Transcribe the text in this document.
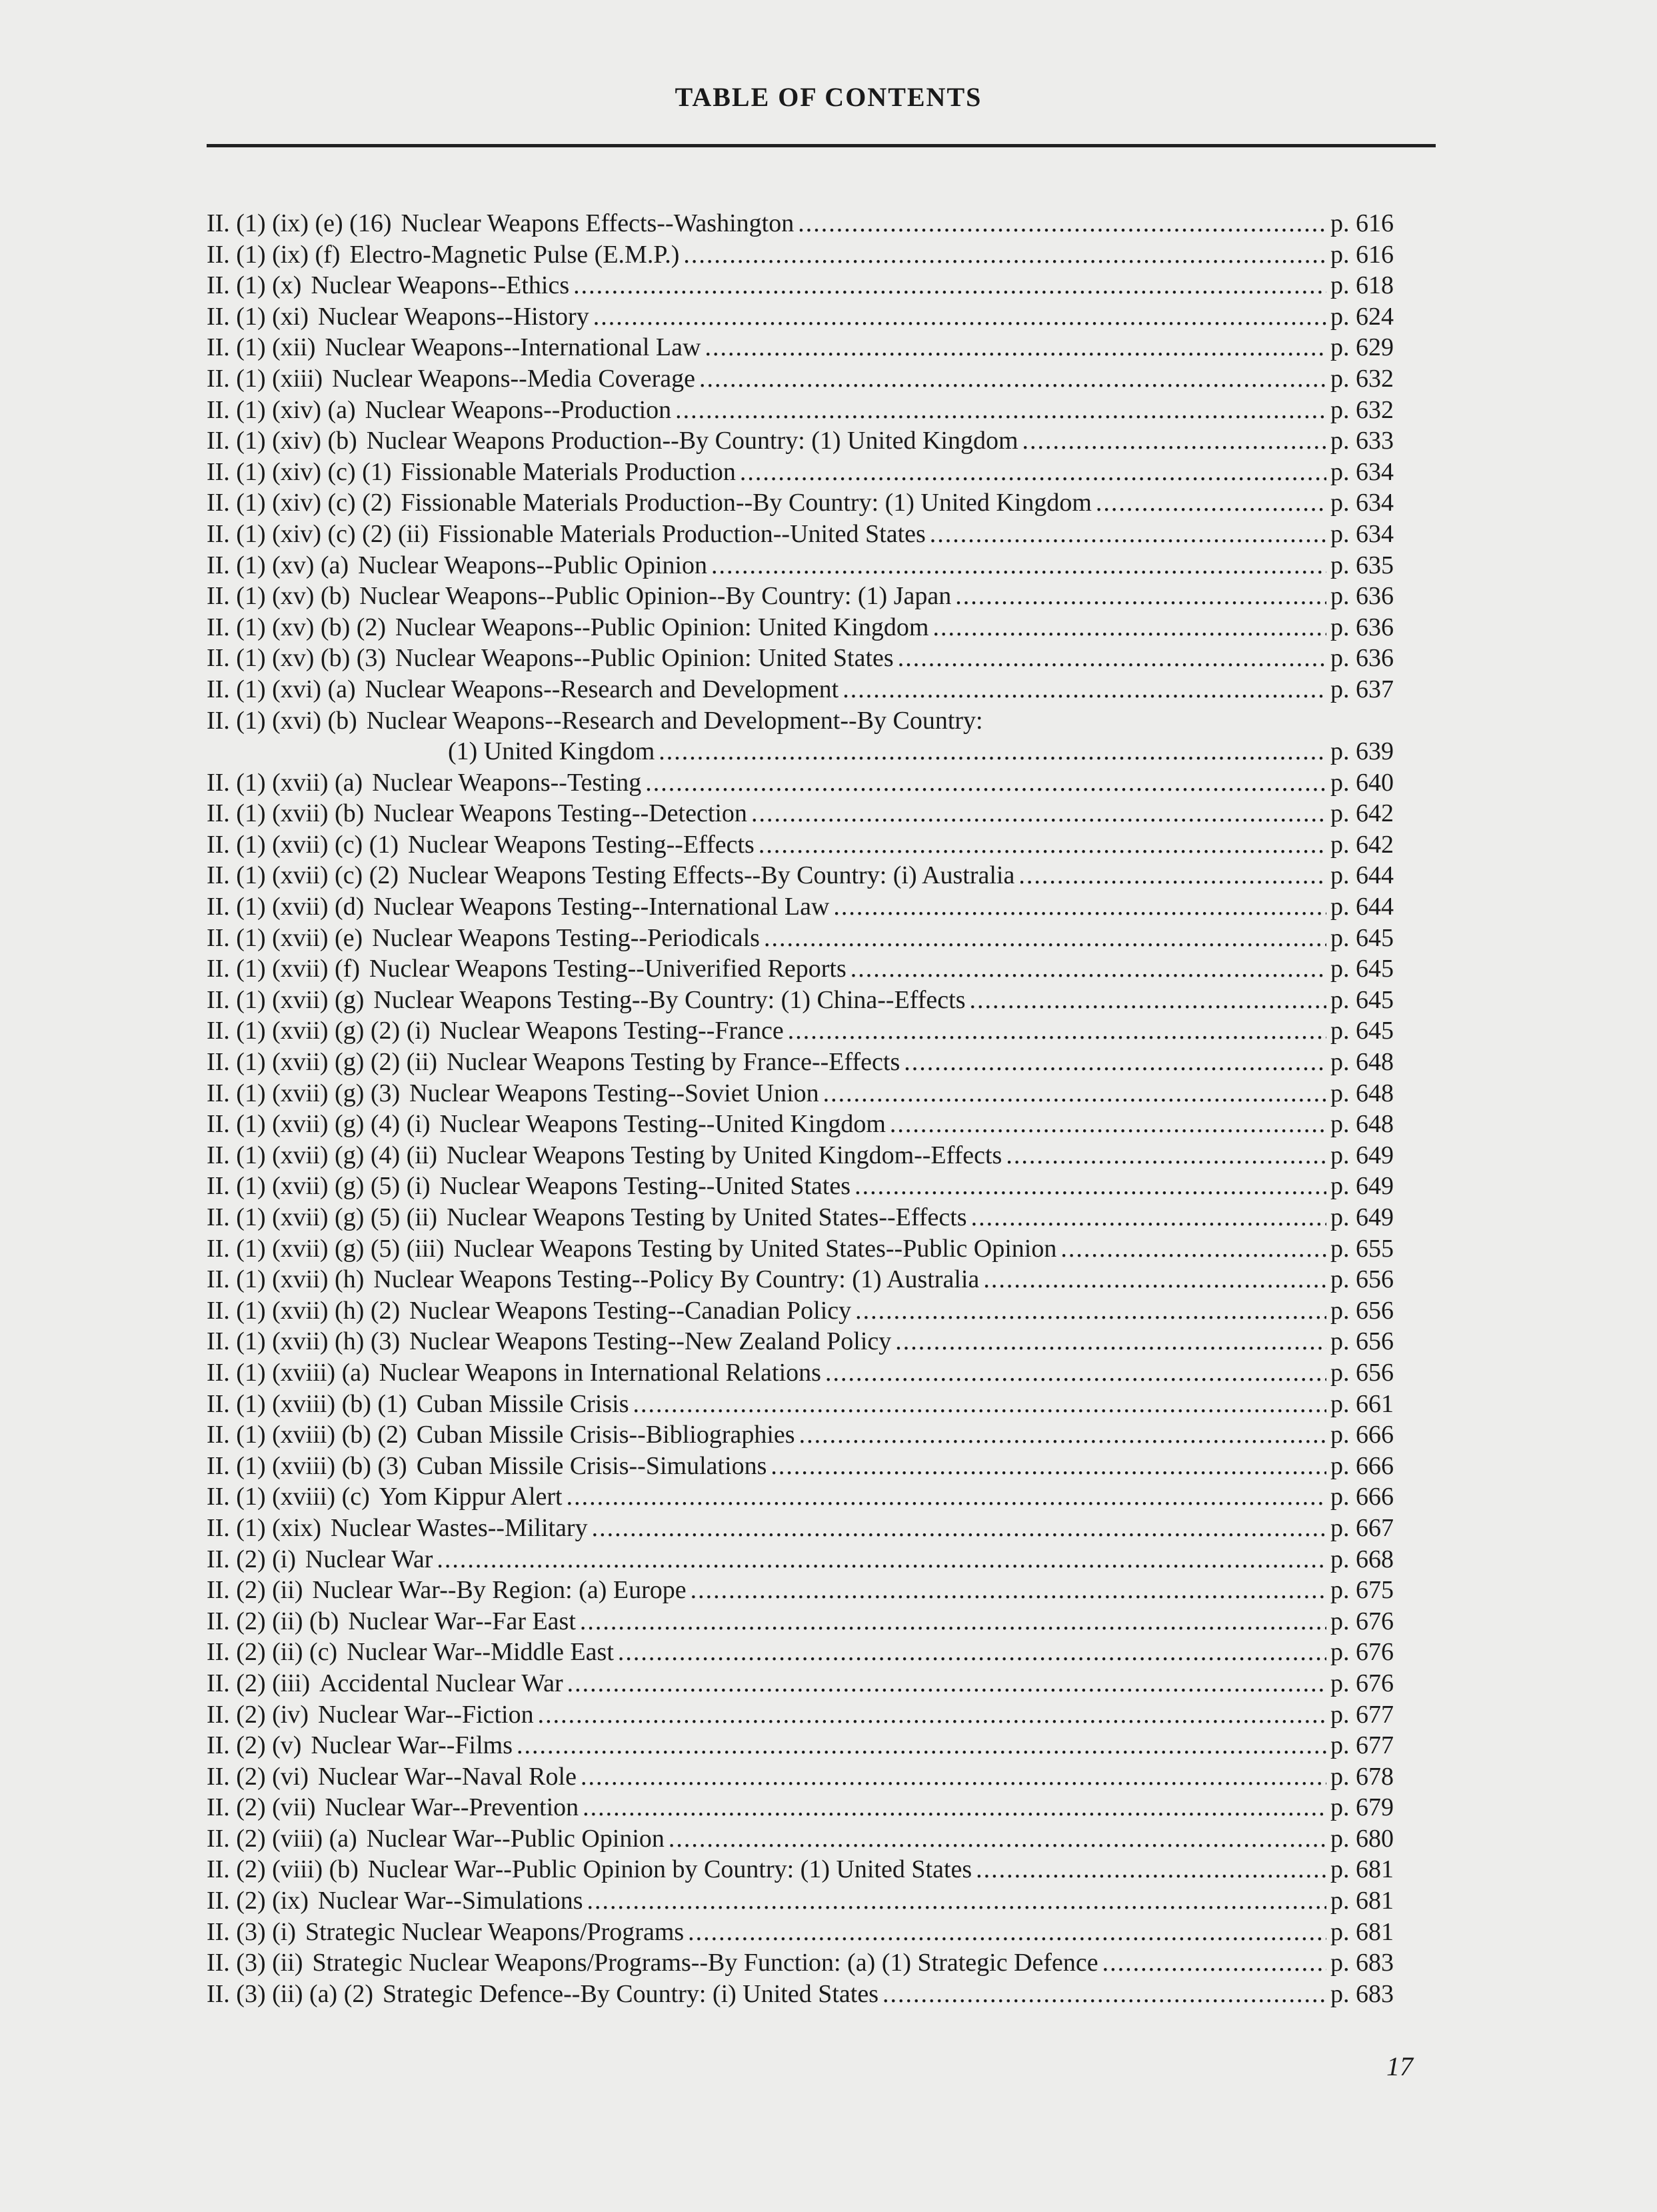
TABLE OF CONTENTS
II. (1) (ix) (e) (16) Nuclear Weapons Effects--Washington .....	p. 616
II. (1) (ix) (f) Electro-Magnetic Pulse (E.M.P.) .....	p. 616
II. (1) (x) Nuclear Weapons--Ethics .....	p. 618
II. (1) (xi) Nuclear Weapons--History .....	p. 624
II. (1) (xii) Nuclear Weapons--International Law .....	p. 629
II. (1) (xiii) Nuclear Weapons--Media Coverage .....	p. 632
II. (1) (xiv) (a) Nuclear Weapons--Production .....	p. 632
II. (1) (xiv) (b) Nuclear Weapons Production--By Country: (1) United Kingdom .....	p. 633
II. (1) (xiv) (c) (1) Fissionable Materials Production .....	p. 634
II. (1) (xiv) (c) (2) Fissionable Materials Production--By Country: (1) United Kingdom .....	p. 634
II. (1) (xiv) (c) (2) (ii) Fissionable Materials Production--United States .....	p. 634
II. (1) (xv) (a) Nuclear Weapons--Public Opinion .....	p. 635
II. (1) (xv) (b) Nuclear Weapons--Public Opinion--By Country: (1) Japan .....	p. 636
II. (1) (xv) (b) (2) Nuclear Weapons--Public Opinion: United Kingdom .....	p. 636
II. (1) (xv) (b) (3) Nuclear Weapons--Public Opinion: United States .....	p. 636
II. (1) (xvi) (a) Nuclear Weapons--Research and Development .....	p. 637
II. (1) (xvi) (b) Nuclear Weapons--Research and Development--By Country:
(1) United Kingdom .....	p. 639
II. (1) (xvii) (a) Nuclear Weapons--Testing .....	p. 640
II. (1) (xvii) (b) Nuclear Weapons Testing--Detection .....	p. 642
II. (1) (xvii) (c) (1) Nuclear Weapons Testing--Effects .....	p. 642
II. (1) (xvii) (c) (2) Nuclear Weapons Testing Effects--By Country: (i) Australia .....	p. 644
II. (1) (xvii) (d) Nuclear Weapons Testing--International Law .....	p. 644
II. (1) (xvii) (e) Nuclear Weapons Testing--Periodicals .....	p. 645
II. (1) (xvii) (f) Nuclear Weapons Testing--Univerified Reports .....	p. 645
II. (1) (xvii) (g) Nuclear Weapons Testing--By Country: (1) China--Effects .....	p. 645
II. (1) (xvii) (g) (2) (i) Nuclear Weapons Testing--France .....	p. 645
II. (1) (xvii) (g) (2) (ii) Nuclear Weapons Testing by France--Effects .....	p. 648
II. (1) (xvii) (g) (3) Nuclear Weapons Testing--Soviet Union .....	p. 648
II. (1) (xvii) (g) (4) (i) Nuclear Weapons Testing--United Kingdom .....	p. 648
II. (1) (xvii) (g) (4) (ii) Nuclear Weapons Testing by United Kingdom--Effects .....	p. 649
II. (1) (xvii) (g) (5) (i) Nuclear Weapons Testing--United States .....	p. 649
II. (1) (xvii) (g) (5) (ii) Nuclear Weapons Testing by United States--Effects .....	p. 649
II. (1) (xvii) (g) (5) (iii) Nuclear Weapons Testing by United States--Public Opinion .....	p. 655
II. (1) (xvii) (h) Nuclear Weapons Testing--Policy By Country: (1) Australia .....	p. 656
II. (1) (xvii) (h) (2) Nuclear Weapons Testing--Canadian Policy .....	p. 656
II. (1) (xvii) (h) (3) Nuclear Weapons Testing--New Zealand Policy .....	p. 656
II. (1) (xviii) (a) Nuclear Weapons in International Relations .....	p. 656
II. (1) (xviii) (b) (1) Cuban Missile Crisis .....	p. 661
II. (1) (xviii) (b) (2) Cuban Missile Crisis--Bibliographies .....	p. 666
II. (1) (xviii) (b) (3) Cuban Missile Crisis--Simulations .....	p. 666
II. (1) (xviii) (c) Yom Kippur Alert .....	p. 666
II. (1) (xix) Nuclear Wastes--Military .....	p. 667
II. (2) (i) Nuclear War .....	p. 668
II. (2) (ii) Nuclear War--By Region: (a) Europe .....	p. 675
II. (2) (ii) (b) Nuclear War--Far East .....	p. 676
II. (2) (ii) (c) Nuclear War--Middle East .....	p. 676
II. (2) (iii) Accidental Nuclear War .....	p. 676
II. (2) (iv) Nuclear War--Fiction .....	p. 677
II. (2) (v) Nuclear War--Films .....	p. 677
II. (2) (vi) Nuclear War--Naval Role .....	p. 678
II. (2) (vii) Nuclear War--Prevention .....	p. 679
II. (2) (viii) (a) Nuclear War--Public Opinion .....	p. 680
II. (2) (viii) (b) Nuclear War--Public Opinion by Country: (1) United States .....	p. 681
II. (2) (ix) Nuclear War--Simulations .....	p. 681
II. (3) (i) Strategic Nuclear Weapons/Programs .....	p. 681
II. (3) (ii) Strategic Nuclear Weapons/Programs--By Function: (a) (1) Strategic Defence .....	p. 683
II. (3) (ii) (a) (2) Strategic Defence--By Country: (i) United States .....	p. 683
17
